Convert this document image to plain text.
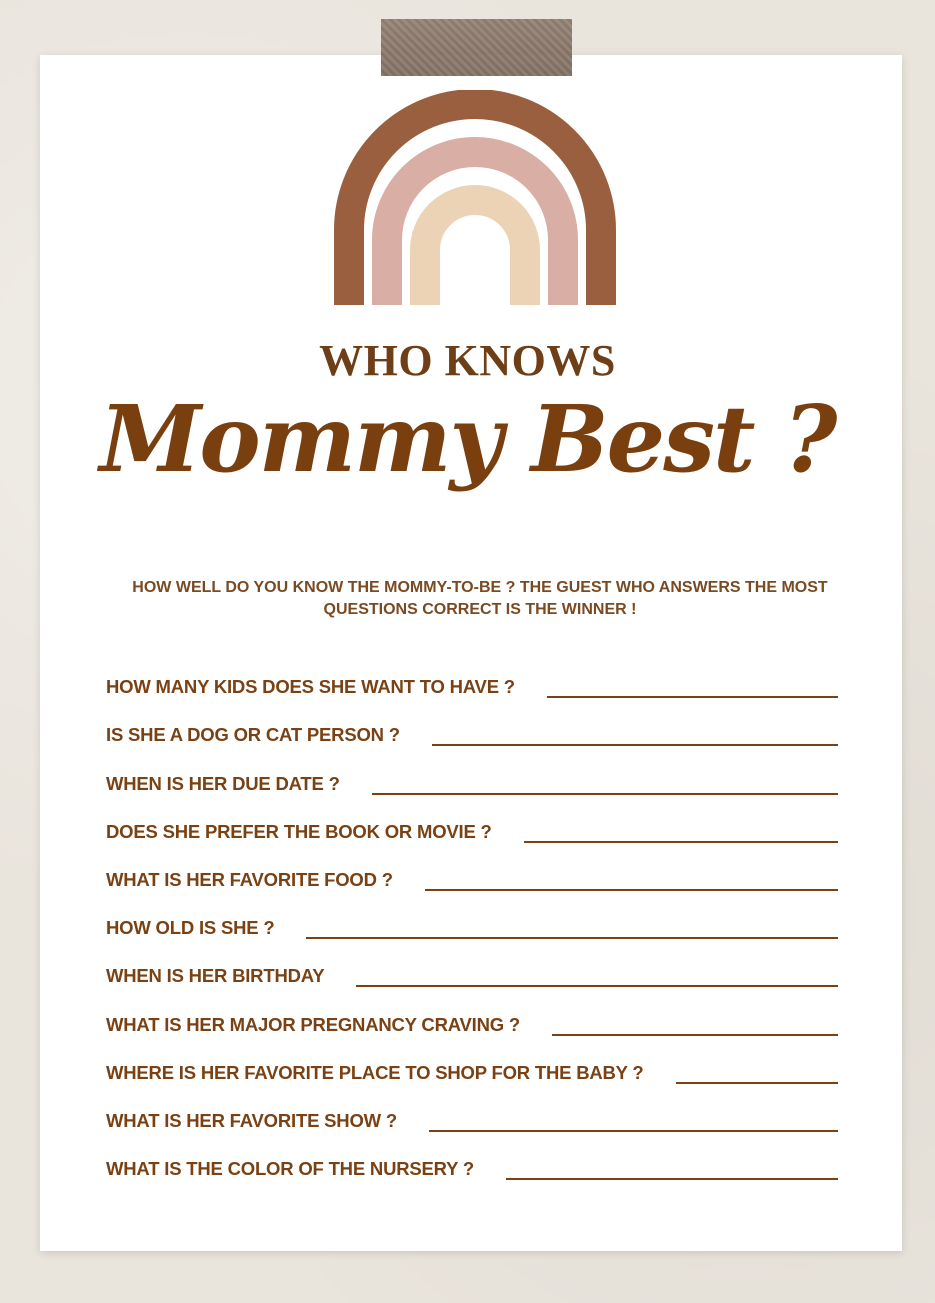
WHO KNOWS
Mommy Best ?

HOW WELL DO YOU KNOW THE MOMMY-TO-BE ? THE GUEST WHO ANSWERS THE MOST QUESTIONS CORRECT IS THE WINNER !

HOW MANY KIDS DOES SHE WANT TO HAVE ?
IS SHE A DOG OR CAT PERSON ?
WHEN IS HER DUE DATE ?
DOES SHE PREFER THE BOOK OR MOVIE ?
WHAT IS HER FAVORITE FOOD ?
HOW OLD IS SHE ?
WHEN IS HER BIRTHDAY
WHAT IS HER MAJOR PREGNANCY CRAVING ?
WHERE IS HER FAVORITE PLACE TO SHOP FOR THE BABY ?
WHAT IS HER FAVORITE SHOW ?
WHAT IS THE COLOR OF THE NURSERY ?
